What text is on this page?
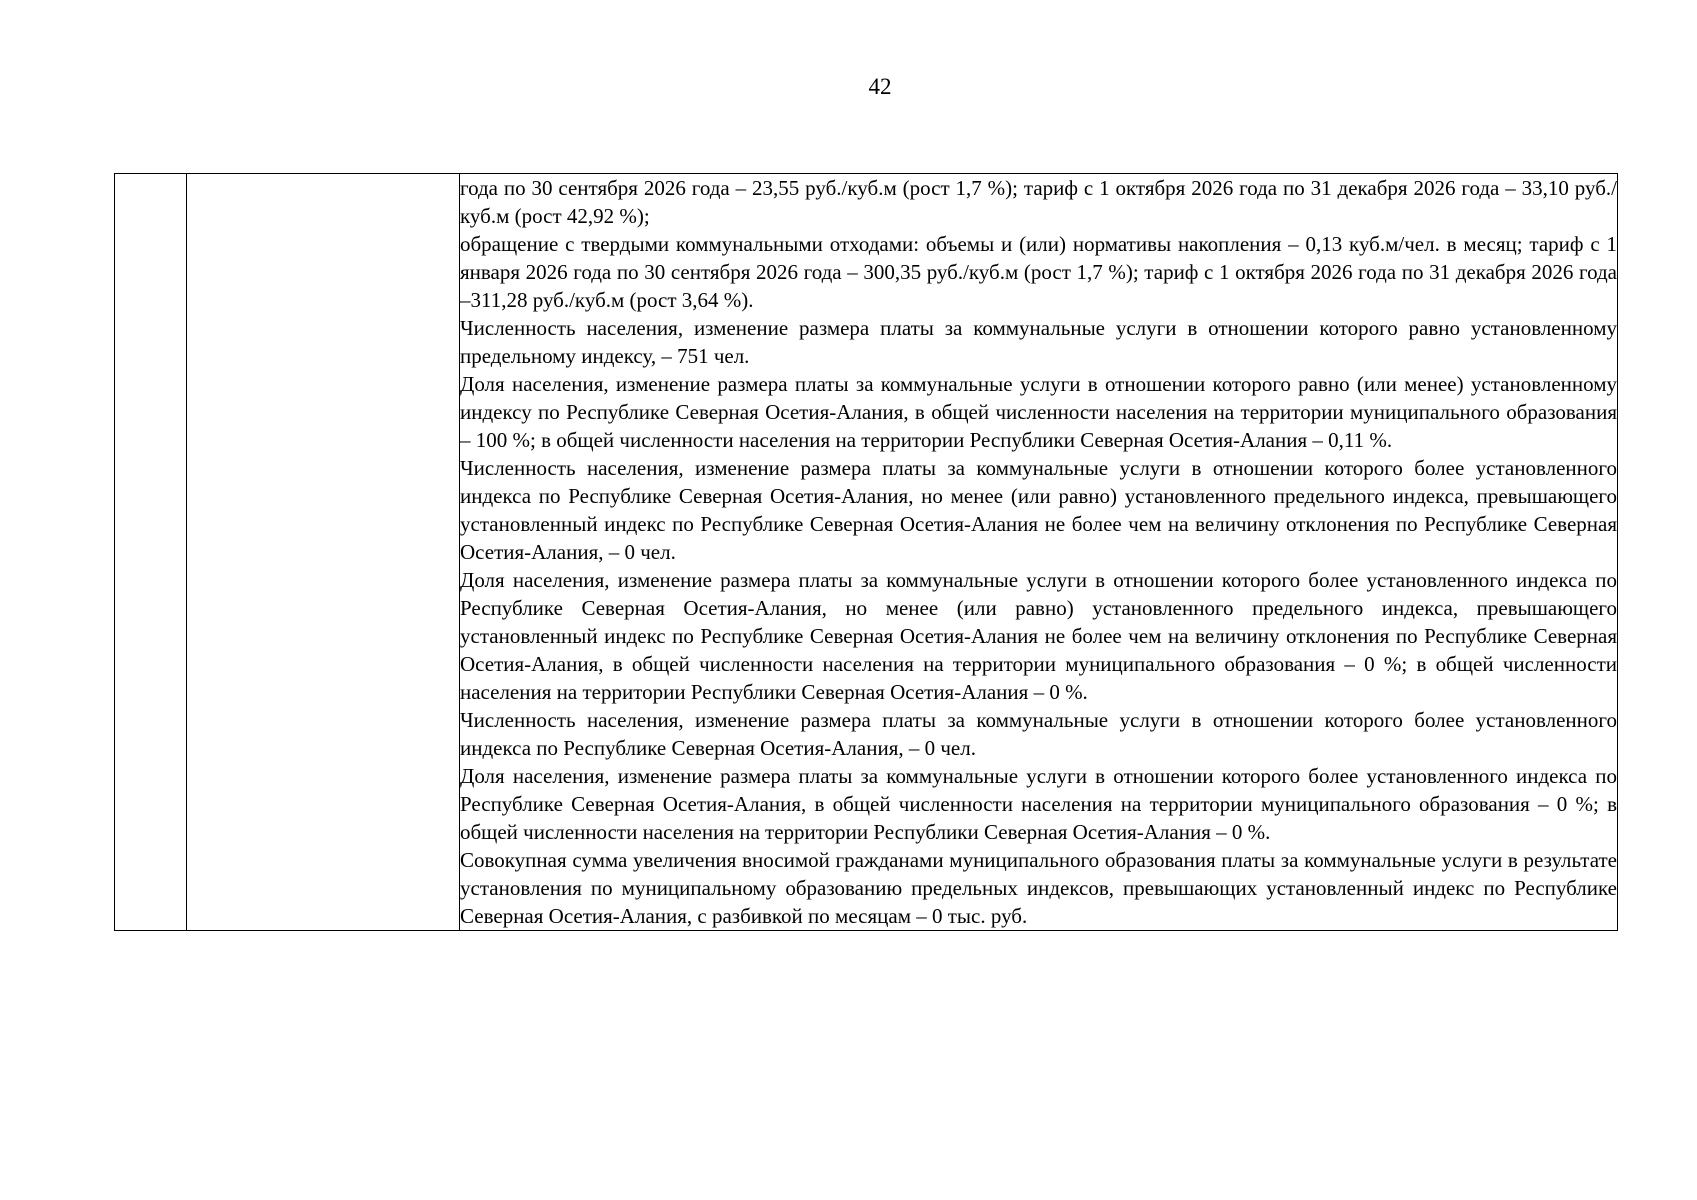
42

года по 30 сентября 2026 года – 23,55 руб./куб.м (рост 1,7 %); тариф с 1 октября 2026 года по 31 декабря 2026 года – 33,10 руб./куб.м (рост 42,92 %);

обращение с твердыми коммунальными отходами: объемы и (или) нормативы накопления – 0,13 куб.м/чел. в месяц; тариф с 1 января 2026 года по 30 сентября 2026 года – 300,35 руб./куб.м (рост 1,7 %); тариф с 1 октября 2026 года по 31 декабря 2026 года –311,28 руб./куб.м (рост 3,64 %).

Численность населения, изменение размера платы за коммунальные услуги в отношении которого равно установленному предельному индексу, – 751 чел.

Доля населения, изменение размера платы за коммунальные услуги в отношении которого равно (или менее) установленному индексу по Республике Северная Осетия-Алания, в общей численности населения на территории муниципального образования – 100 %; в общей численности населения на территории Республики Северная Осетия-Алания – 0,11 %.

Численность населения, изменение размера платы за коммунальные услуги в отношении которого более установленного индекса по Республике Северная Осетия-Алания, но менее (или равно) установленного предельного индекса, превышающего установленный индекс по Республике Северная Осетия-Алания не более чем на величину отклонения по Республике Северная Осетия-Алания, – 0 чел.

Доля населения, изменение размера платы за коммунальные услуги в отношении которого более установленного индекса по Республике Северная Осетия-Алания, но менее (или равно) установленного предельного индекса, превышающего установленный индекс по Республике Северная Осетия-Алания не более чем на величину отклонения по Республике Северная Осетия-Алания, в общей численности населения на территории муниципального образования – 0 %; в общей численности населения на территории Республики Северная Осетия-Алания – 0 %.

Численность населения, изменение размера платы за коммунальные услуги в отношении которого более установленного индекса по Республике Северная Осетия-Алания, – 0 чел.

Доля населения, изменение размера платы за коммунальные услуги в отношении которого более установленного индекса по Республике Северная Осетия-Алания, в общей численности населения на территории муниципального образования – 0 %; в общей численности населения на территории Республики Северная Осетия-Алания – 0 %.

Совокупная сумма увеличения вносимой гражданами муниципального образования платы за коммунальные услуги в результате установления по муниципальному образованию предельных индексов, превышающих установленный индекс по Республике Северная Осетия-Алания, с разбивкой по месяцам – 0 тыс. руб.
